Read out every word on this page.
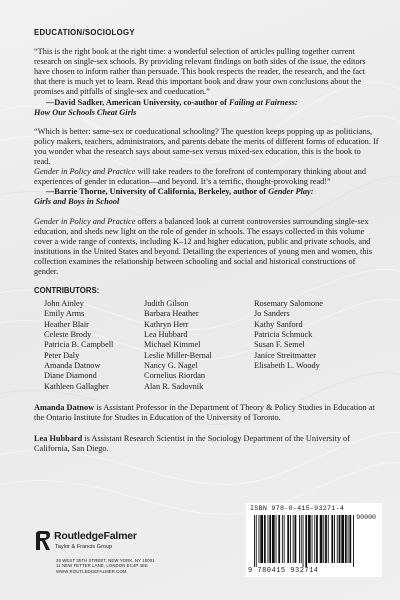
EDUCATION/SOCIOLOGY

“This is the right book at the right time: a wonderful selection of articles pulling together current research on single-sex schools. By providing relevant findings on both sides of the issue, the editors have chosen to inform rather than persuade. This book respects the reader, the research, and the fact that there is much yet to learn. Read this important book and draw your own conclusions about the promises and pitfalls of single-sex and coeducation.”

—David Sadker, American University, co-author of Failing at Fairness:

How Our Schools Cheat Girls

“Which is better: same-sex or coeducational schooling? The question keeps popping up as politicians, policy makers, teachers, administrators, and parents debate the merits of different forms of education. If you wonder what the research says about same-sex versus mixed-sex education, this is the book to read.

Gender in Policy and Practice will take readers to the forefront of contemporary thinking about and experiences of gender in education—and beyond. It’s a terrific, thought-provoking read!”

—Barrie Thorne, University of California, Berkeley, author of Gender Play:

Girls and Boys in School

Gender in Policy and Practice offers a balanced look at current controversies surrounding single-sex education, and sheds new light on the role of gender in schools. The essays collected in this volume cover a wide range of contexts, including K–12 and higher education, public and private schools, and institutions in the United States and beyond. Detailing the experiences of young men and women, this collection examines the relationship between schooling and social and historical constructions of gender.

CONTRIBUTORS:
John Ainley
Emily Arms
Heather Blair
Celeste Brody
Patricia B. Campbell
Peter Daly
Amanda Datnow
Diane Diamond
Kathleen Gallagher
Judith Gilson
Barbara Heather
Kathryn Herr
Lea Hubbard
Michael Kimmel
Leslie Miller-Bernal
Nancy G. Nagel
Cornelius Riordan
Alan R. Sadovnik
Rosemary Salomone
Jo Sanders
Kathy Sanford
Patricia Schmuck
Susan F. Semel
Janice Streitmatter
Elisabeth L. Woody

Amanda Datnow is Assistant Professor in the Department of Theory & Policy Studies in Education at the Ontario Institute for Studies in Education of the University of Toronto.

Lea Hubbard is Assistant Research Scientist in the Sociology Department of the University of California, San Diego.

RoutledgeFalmer
Taylor & Francis Group
29 WEST 35TH STREET, NEW YORK, NY 10001
11 NEW FETTER LANE, LONDON EC4P 4EE
WWW.ROUTLEDGEFALMER.COM
ISBN 978-0-415-93271-4
90000
9 780415 932714
